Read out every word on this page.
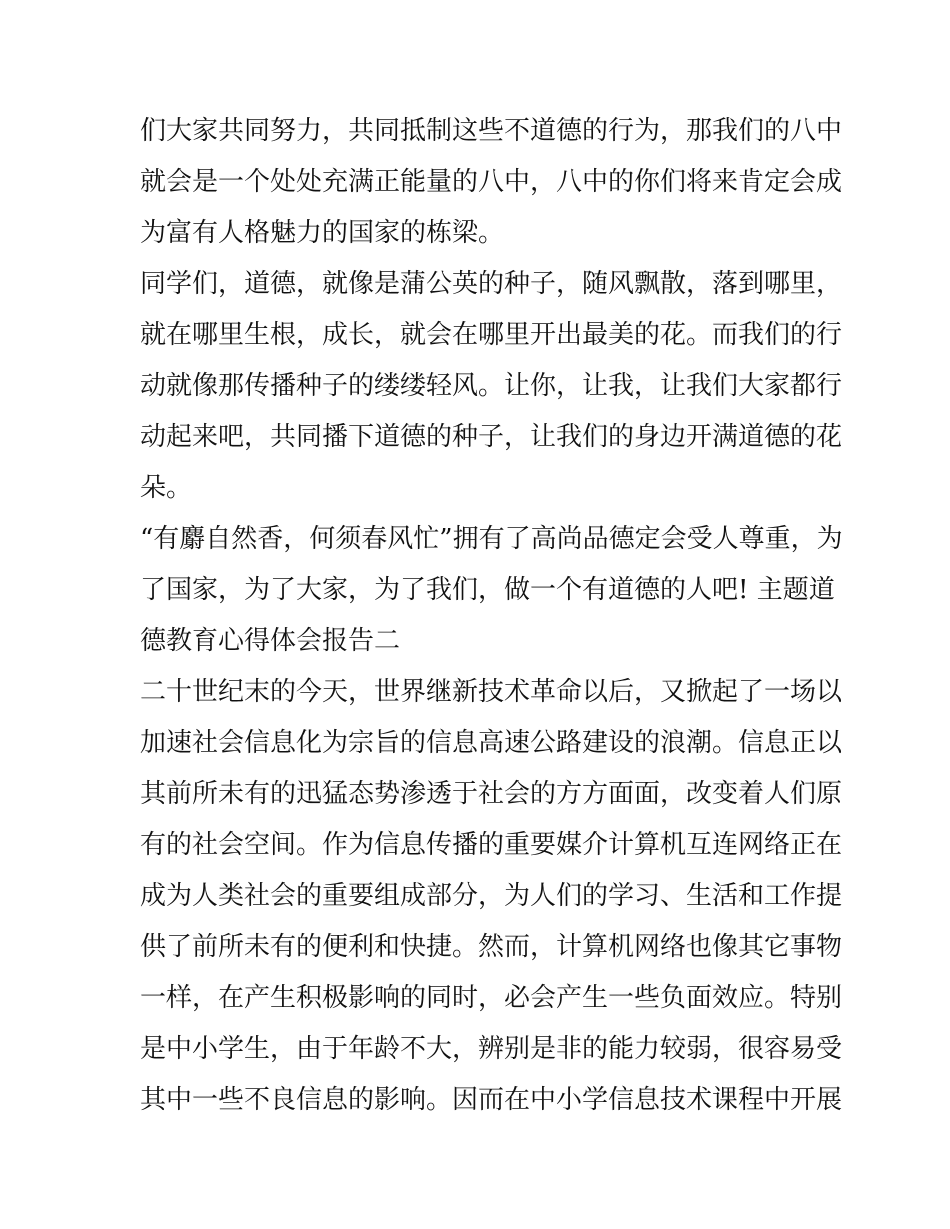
们大家共同努力，共同抵制这些不道德的行为，那我们的八中
就会是一个处处充满正能量的八中，八中的你们将来肯定会成
为富有人格魅力的国家的栋梁。
同学们，道德，就像是蒲公英的种子，随风飘散，落到哪里，
就在哪里生根，成长，就会在哪里开出最美的花。而我们的行
动就像那传播种子的缕缕轻风。让你，让我，让我们大家都行
动起来吧，共同播下道德的种子，让我们的身边开满道德的花
朵。
“有麝自然香，何须春风忙”拥有了高尚品德定会受人尊重，为
了国家，为了大家，为了我们，做一个有道德的人吧! 主题道
德教育心得体会报告二
二十世纪末的今天，世界继新技术革命以后，又掀起了一场以
加速社会信息化为宗旨的信息高速公路建设的浪潮。信息正以
其前所未有的迅猛态势渗透于社会的方方面面，改变着人们原
有的社会空间。作为信息传播的重要媒介计算机互连网络正在
成为人类社会的重要组成部分，为人们的学习、生活和工作提
供了前所未有的便利和快捷。然而，计算机网络也像其它事物
一样，在产生积极影响的同时，必会产生一些负面效应。特别
是中小学生，由于年龄不大，辨别是非的能力较弱，很容易受
其中一些不良信息的影响。因而在中小学信息技术课程中开展
